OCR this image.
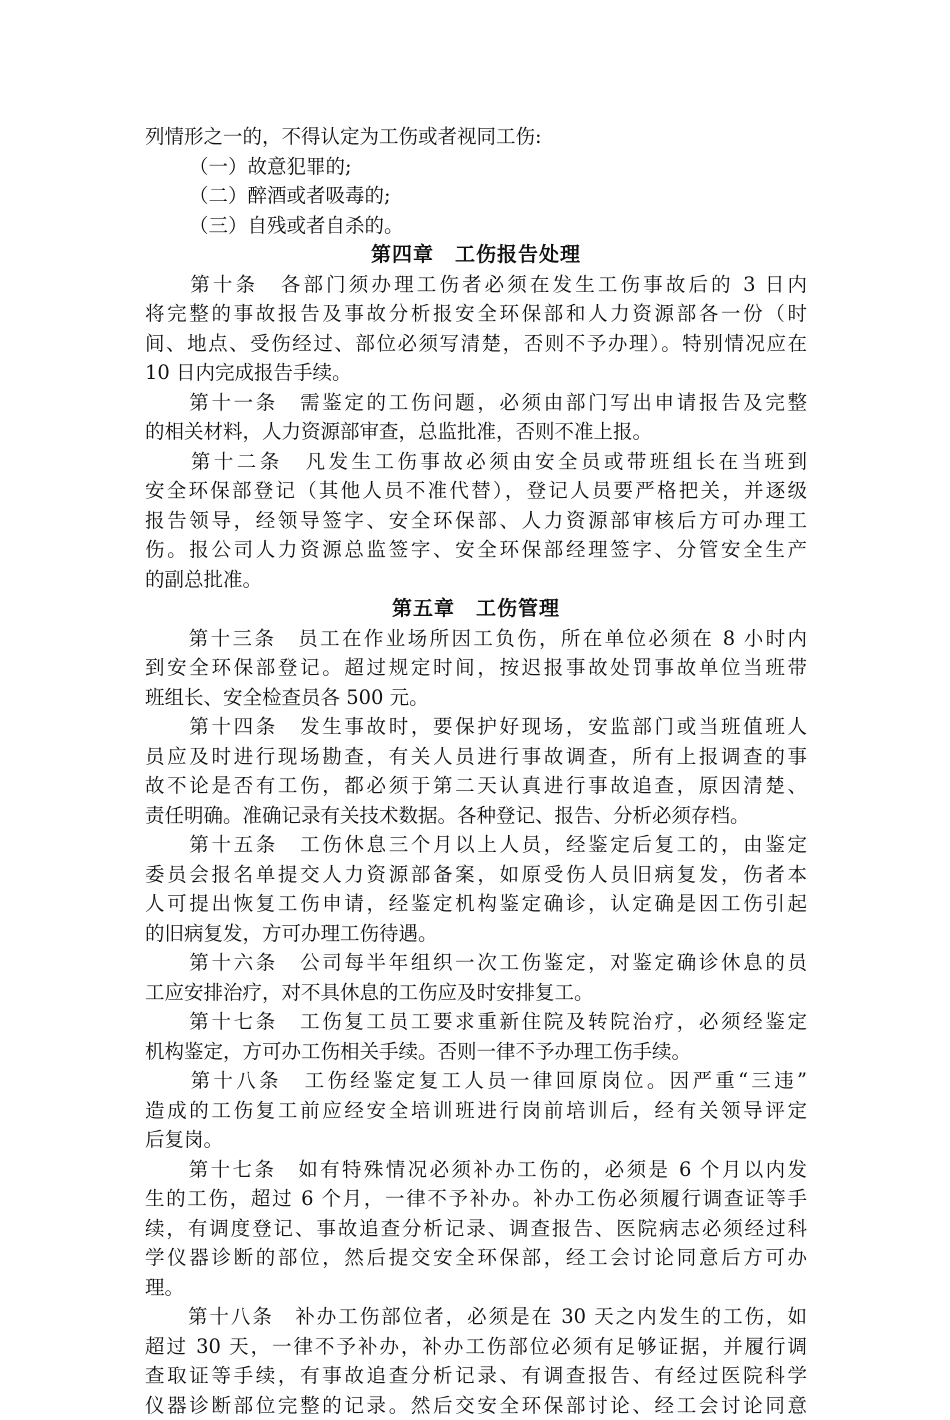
列情形之一的，不得认定为工伤或者视同工伤:
（一）故意犯罪的;
（二）醉酒或者吸毒的;
（三）自残或者自杀的。
第四章　工伤报告处理
　　第十条　各部门须办理工伤者必须在发生工伤事故后的 3 日内
将完整的事故报告及事故分析报安全环保部和人力资源部各一份（时
间、地点、受伤经过、部位必须写清楚，否则不予办理）。特别情况应在
10 日内完成报告手续。
　　第十一条　需鉴定的工伤问题，必须由部门写出申请报告及完整
的相关材料，人力资源部审查，总监批准，否则不准上报。
　　第十二条　凡发生工伤事故必须由安全员或带班组长在当班到
安全环保部登记（其他人员不准代替），登记人员要严格把关，并逐级
报告领导，经领导签字、安全环保部、人力资源部审核后方可办理工
伤。报公司人力资源总监签字、安全环保部经理签字、分管安全生产
的副总批准。
第五章　工伤管理
　　第十三条　员工在作业场所因工负伤，所在单位必须在 8 小时内
到安全环保部登记。超过规定时间，按迟报事故处罚事故单位当班带
班组长、安全检查员各 500 元。
　　第十四条　发生事故时，要保护好现场，安监部门或当班值班人
员应及时进行现场勘查，有关人员进行事故调查，所有上报调查的事
故不论是否有工伤，都必须于第二天认真进行事故追查，原因清楚、
责任明确。准确记录有关技术数据。各种登记、报告、分析必须存档。
　　第十五条　工伤休息三个月以上人员，经鉴定后复工的，由鉴定
委员会报名单提交人力资源部备案，如原受伤人员旧病复发，伤者本
人可提出恢复工伤申请，经鉴定机构鉴定确诊，认定确是因工伤引起
的旧病复发，方可办理工伤待遇。
　　第十六条　公司每半年组织一次工伤鉴定，对鉴定确诊休息的员
工应安排治疗，对不具休息的工伤应及时安排复工。
　　第十七条　工伤复工员工要求重新住院及转院治疗，必须经鉴定
机构鉴定，方可办工伤相关手续。否则一律不予办理工伤手续。
　　第十八条　工伤经鉴定复工人员一律回原岗位。因严重“三违”
造成的工伤复工前应经安全培训班进行岗前培训后，经有关领导评定
后复岗。
　　第十七条　如有特殊情况必须补办工伤的，必须是 6 个月以内发
生的工伤，超过 6 个月，一律不予补办。补办工伤必须履行调查证等手
续，有调度登记、事故追查分析记录、调查报告、医院病志必须经过科
学仪器诊断的部位，然后提交安全环保部，经工会讨论同意后方可办
理。
　　第十八条　补办工伤部位者，必须是在 30 天之内发生的工伤，如
超过 30 天，一律不予补办，补办工伤部位必须有足够证据，并履行调
查取证等手续，有事故追查分析记录、有调查报告、有经过医院科学
仪器诊断部位完整的记录。然后交安全环保部讨论、经工会讨论同意
